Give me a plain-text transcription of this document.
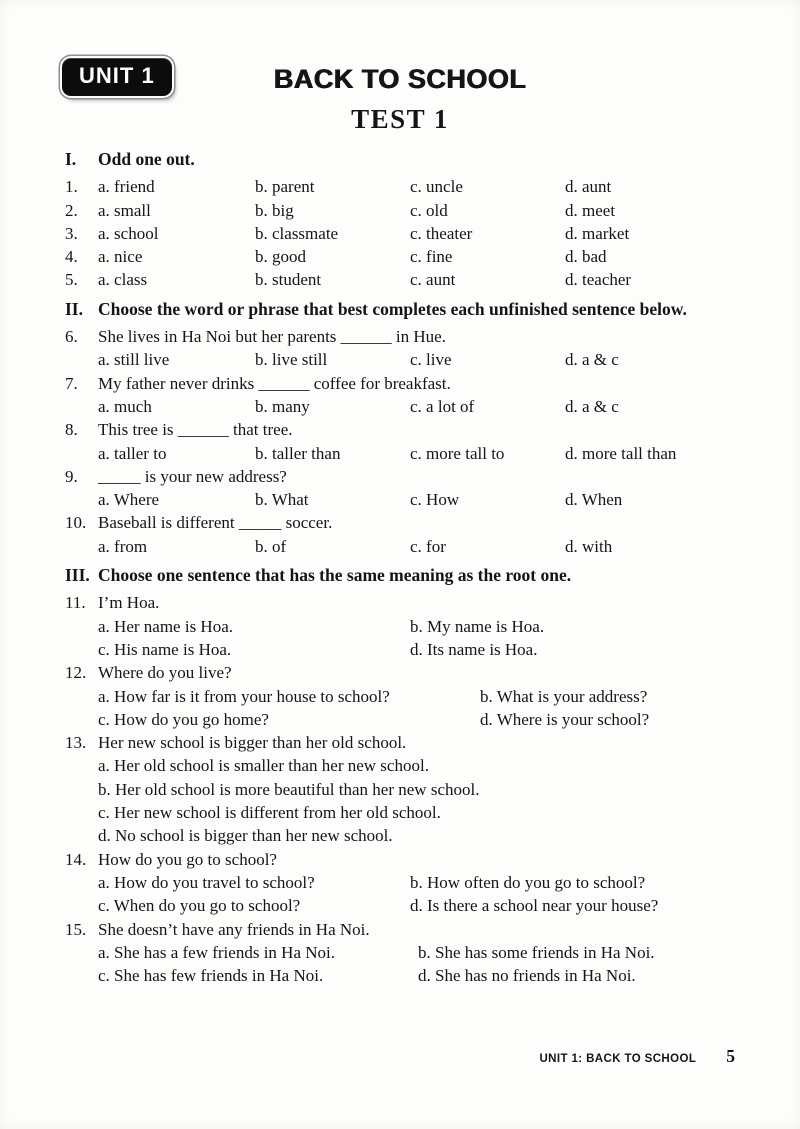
UNIT 1	BACK TO SCHOOL
TEST 1
I. Odd one out.
1. a. friend	b. parent	c. uncle	d. aunt
2. a. small	b. big	c. old	d. meet
3. a. school	b. classmate	c. theater	d. market
4. a. nice	b. good	c. fine	d. bad
5. a. class	b. student	c. aunt	d. teacher
II. Choose the word or phrase that best completes each unfinished sentence below.
6. She lives in Ha Noi but her parents ______ in Hue.
a. still live	b. live still	c. live	d. a & c
7. My father never drinks ______ coffee for breakfast.
a. much	b. many	c. a lot of	d. a & c
8. This tree is ______ that tree.
a. taller to	b. taller than	c. more tall to	d. more tall than
9. _____ is your new address?
a. Where	b. What	c. How	d. When
10. Baseball is different _____ soccer.
a. from	b. of	c. for	d. with
III. Choose one sentence that has the same meaning as the root one.
11. I’m Hoa.
a. Her name is Hoa.	b. My name is Hoa.
c. His name is Hoa.	d. Its name is Hoa.
12. Where do you live?
a. How far is it from your house to school?	b. What is your address?
c. How do you go home?	d. Where is your school?
13. Her new school is bigger than her old school.
a. Her old school is smaller than her new school.
b. Her old school is more beautiful than her new school.
c. Her new school is different from her old school.
d. No school is bigger than her new school.
14. How do you go to school?
a. How do you travel to school?	b. How often do you go to school?
c. When do you go to school?	d. Is there a school near your house?
15. She doesn’t have any friends in Ha Noi.
a. She has a few friends in Ha Noi.	b. She has some friends in Ha Noi.
c. She has few friends in Ha Noi.	d. She has no friends in Ha Noi.
UNIT 1: BACK TO SCHOOL 5
